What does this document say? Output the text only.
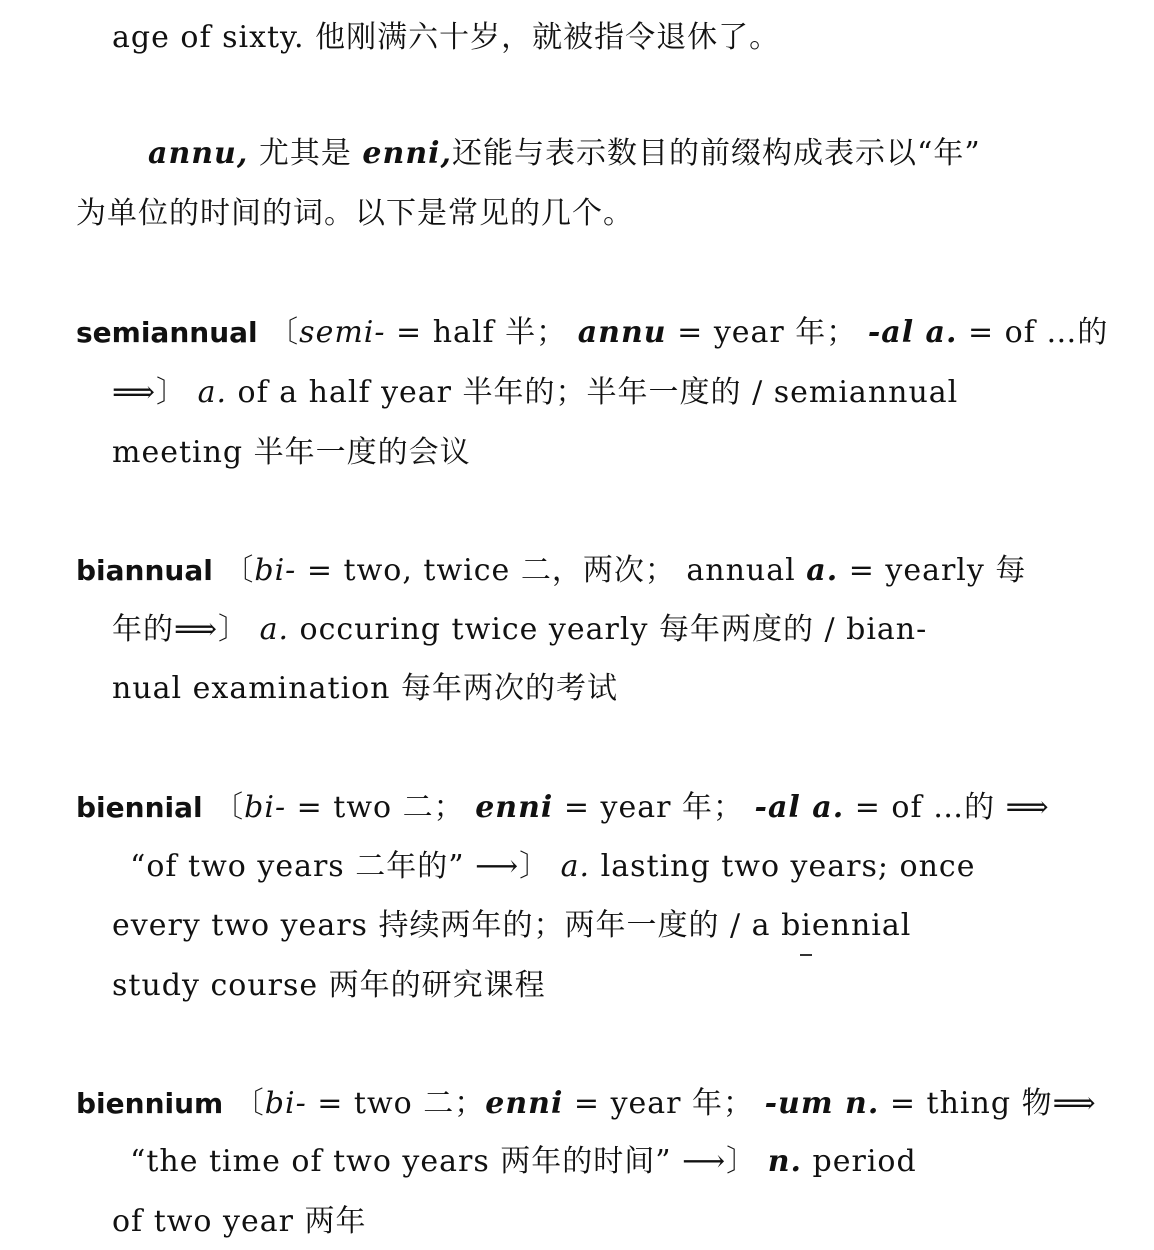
age of sixty. 他刚满六十岁，就被指令退休了。
annu, 尤其是 enni,还能与表示数目的前缀构成表示以“年”
为单位的时间的词。以下是常见的几个。
semiannual 〔semi- = half 半； annu = year 年； -al a. = of …的
⟹〕 a. of a half year 半年的；半年一度的 / semiannual
meeting 半年一度的会议
biannual 〔bi- = two, twice 二，两次； annual a. = yearly 每
年的⟹〕 a. occuring twice yearly 每年两度的 / bian-
nual examination 每年两次的考试
biennial 〔bi- = two 二； enni = year 年； -al a. = of …的 ⟹
“of two years 二年的” ⟶〕 a. lasting two years; once
every two years 持续两年的；两年一度的 / a biennial
study course 两年的研究课程
biennium 〔bi- = two 二；enni = year 年； -um n. = thing 物⟹
“the time of two years 两年的时间” ⟶〕 n. period
of two year 两年
